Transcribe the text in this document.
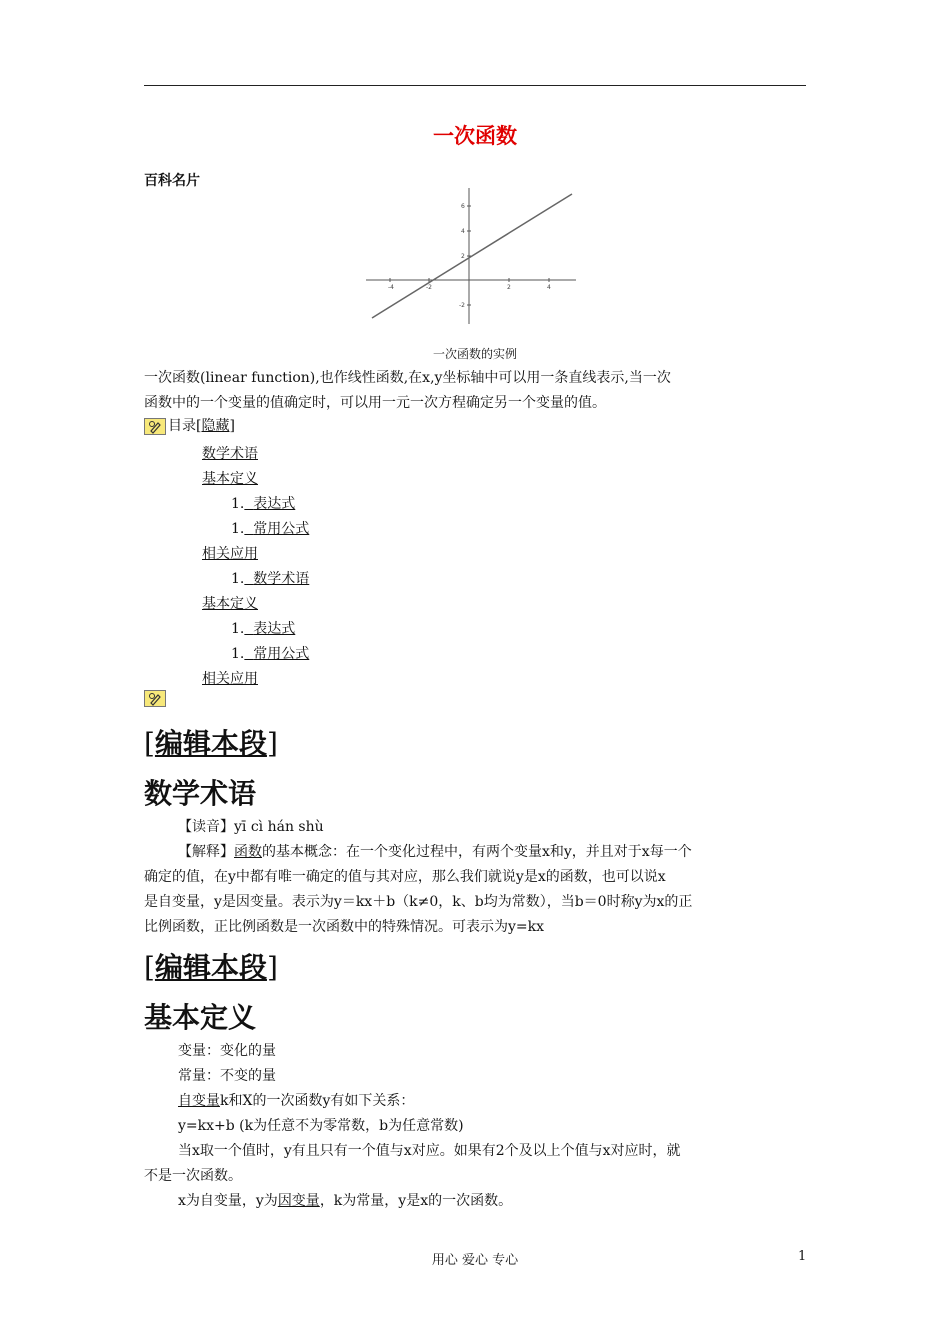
一次函数
百科名片
-4	-2	2	4
6
4
2
-2
一次函数的实例
一次函数(linear function),也作线性函数,在x,y坐标轴中可以用一条直线表示,当一次
函数中的一个变量的值确定时，可以用一元一次方程确定另一个变量的值。
目录[ 隐藏 ]
数学术语
基本定义
1. 表达式
1. 常用公式
相关应用
1. 数学术语
基本定义
1. 表达式
1. 常用公式
相关应用
[编辑本段]
数学术语
【读音】yī cì hán shù
【解释】函数的基本概念：在一个变化过程中，有两个变量x和y，并且对于x每一个
确定的值，在y中都有唯一确定的值与其对应，那么我们就说y是x的函数，也可以说x
是自变量，y是因变量。表示为y＝kx＋b（k≠0，k、b均为常数），当b＝0时称y为x的正
比例函数，正比例函数是一次函数中的特殊情况。可表示为y=kx
[编辑本段]
基本定义
变量：变化的量
常量：不变的量
自变量k和X的一次函数y有如下关系：
y=kx+b (k为任意不为零常数，b为任意常数)
当x取一个值时，y有且只有一个值与x对应。如果有2个及以上个值与x对应时，就
不是一次函数。
x为自变量，y为因变量，k为常量，y是x的一次函数。
用心 爱心 专心	1
